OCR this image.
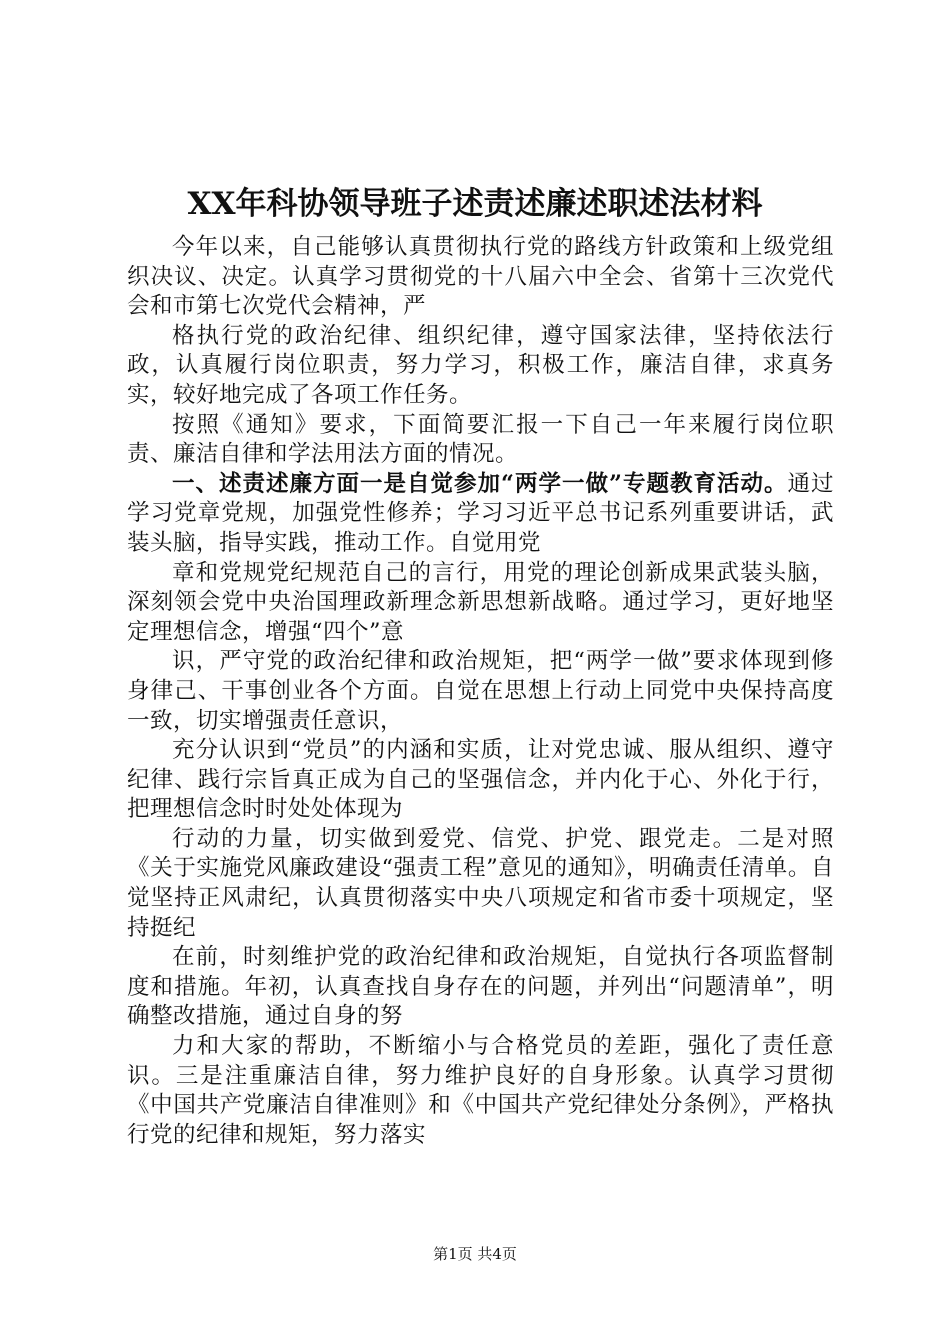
XX年科协领导班子述责述廉述职述法材料

今年以来，自己能够认真贯彻执行党的路线方针政策和上级党组织决议、决定。认真学习贯彻党的十八届六中全会、省第十三次党代会和市第七次党代会精神，严

格执行党的政治纪律、组织纪律，遵守国家法律，坚持依法行政，认真履行岗位职责，努力学习，积极工作，廉洁自律，求真务实，较好地完成了各项工作任务。

按照《通知》要求，下面简要汇报一下自己一年来履行岗位职责、廉洁自律和学法用法方面的情况。

一、述责述廉方面一是自觉参加“两学一做”专题教育活动。通过学习党章党规，加强党性修养；学习习近平总书记系列重要讲话，武装头脑，指导实践，推动工作。自觉用党

章和党规党纪规范自己的言行，用党的理论创新成果武装头脑，深刻领会党中央治国理政新理念新思想新战略。通过学习，更好地坚定理想信念，增强“四个”意

识，严守党的政治纪律和政治规矩，把“两学一做”要求体现到修身律己、干事创业各个方面。自觉在思想上行动上同党中央保持高度一致，切实增强责任意识，

充分认识到“党员”的内涵和实质，让对党忠诚、服从组织、遵守纪律、践行宗旨真正成为自己的坚强信念，并内化于心、外化于行，把理想信念时时处处体现为

行动的力量，切实做到爱党、信党、护党、跟党走。二是对照《关于实施党风廉政建设“强责工程”意见的通知》，明确责任清单。自觉坚持正风肃纪，认真贯彻落实中央八项规定和省市委十项规定，坚持挺纪

在前，时刻维护党的政治纪律和政治规矩，自觉执行各项监督制度和措施。年初，认真查找自身存在的问题，并列出“问题清单”，明确整改措施，通过自身的努

力和大家的帮助，不断缩小与合格党员的差距，强化了责任意识。三是注重廉洁自律，努力维护良好的自身形象。认真学习贯彻《中国共产党廉洁自律准则》和《中国共产党纪律处分条例》，严格执行党的纪律和规矩，努力落实

第1页 共4页
